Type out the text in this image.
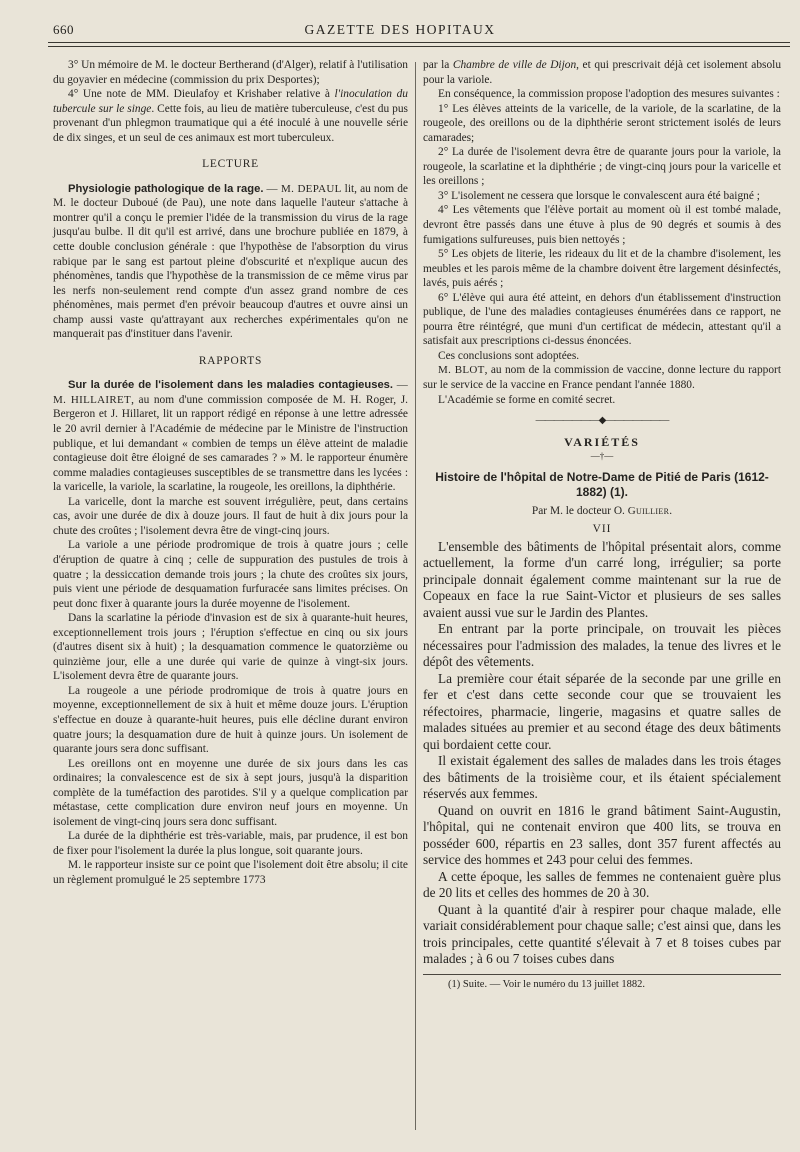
660	GAZETTE DES HOPITAUX

3° Un mémoire de M. le docteur Bertherand (d'Alger), relatif à l'utilisation du goyavier en médecine (commission du prix Desportes);

4° Une note de MM. Dieulafoy et Krishaber relative à l'inoculation du tubercule sur le singe. Cette fois, au lieu de matière tuberculeuse, c'est du pus provenant d'un phlegmon traumatique qui a été inoculé à une nouvelle série de dix singes, et un seul de ces animaux est mort tuberculeux.

LECTURE

Physiologie pathologique de la rage. — M. DEPAUL lit, au nom de M. le docteur Duboué (de Pau), une note dans laquelle l'auteur s'attache à montrer qu'il a conçu le premier l'idée de la transmission du virus de la rage jusqu'au bulbe. Il dit qu'il est arrivé, dans une brochure publiée en 1879, à cette double conclusion générale : que l'hypothèse de l'absorption du virus rabique par le sang est partout pleine d'obscurité et n'explique aucun des phénomènes, tandis que l'hypothèse de la transmission de ce même virus par les nerfs non-seulement rend compte d'un assez grand nombre de ces phénomènes, mais permet d'en prévoir beaucoup d'autres et ouvre ainsi un champ aussi vaste qu'attrayant aux recherches expérimentales qu'on ne manquerait pas d'instituer dans l'avenir.

RAPPORTS

Sur la durée de l'isolement dans les maladies contagieuses. — M. HILLAIRET, au nom d'une commission composée de M. H. Roger, J. Bergeron et J. Hillaret, lit un rapport rédigé en réponse à une lettre adressée le 20 avril dernier à l'Académie de médecine par le Ministre de l'instruction publique, et lui demandant « combien de temps un élève atteint de maladie contagieuse doit être éloigné de ses camarades ? » M. le rapporteur énumère comme maladies contagieuses susceptibles de se transmettre dans les lycées : la varicelle, la variole, la scarlatine, la rougeole, les oreillons, la diphthérie.

La varicelle, dont la marche est souvent irrégulière, peut, dans certains cas, avoir une durée de dix à douze jours. Il faut de huit à dix jours pour la chute des croûtes ; l'isolement devra être de vingt-cinq jours.

La variole a une période prodromique de trois à quatre jours ; celle d'éruption de quatre à cinq ; celle de suppuration des pustules de trois à quatre ; la dessiccation demande trois jours ; la chute des croûtes six jours, puis vient une période de desquamation furfuracée sans limites précises. On peut donc fixer à quarante jours la durée moyenne de l'isolement.

Dans la scarlatine la période d'invasion est de six à quarante-huit heures, exceptionnellement trois jours ; l'éruption s'effectue en cinq ou six jours (d'autres disent six à huit) ; la desquamation commence le quatorzième ou quinzième jour, elle a une durée qui varie de quinze à vingt-six jours. L'isolement devra être de quarante jours.

La rougeole a une période prodromique de trois à quatre jours en moyenne, exceptionnellement de six à huit et même douze jours. L'éruption s'effectue en douze à quarante-huit heures, puis elle décline durant environ quatre jours; la desquamation dure de huit à quinze jours. Un isolement de quarante jours sera donc suffisant.

Les oreillons ont en moyenne une durée de six jours dans les cas ordinaires; la convalescence est de six à sept jours, jusqu'à la disparition complète de la tuméfaction des parotides. S'il y a quelque complication par métastase, cette complication dure environ neuf jours en moyenne. Un isolement de vingt-cinq jours sera donc suffisant.

La durée de la diphthérie est très-variable, mais, par prudence, il est bon de fixer pour l'isolement la durée la plus longue, soit quarante jours.

M. le rapporteur insiste sur ce point que l'isolement doit être absolu; il cite un règlement promulgué le 25 septembre 1773

par la Chambre de ville de Dijon, et qui prescrivait déjà cet isolement absolu pour la variole.

En conséquence, la commission propose l'adoption des mesures suivantes :

1° Les élèves atteints de la varicelle, de la variole, de la scarlatine, de la rougeole, des oreillons ou de la diphthérie seront strictement isolés de leurs camarades;

2° La durée de l'isolement devra être de quarante jours pour la variole, la rougeole, la scarlatine et la diphthérie ; de vingt-cinq jours pour la varicelle et les oreillons ;

3° L'isolement ne cessera que lorsque le convalescent aura été baigné ;

4° Les vêtements que l'élève portait au moment où il est tombé malade, devront être passés dans une étuve à plus de 90 degrés et soumis à des fumigations sulfureuses, puis bien nettoyés ;

5° Les objets de literie, les rideaux du lit et de la chambre d'isolement, les meubles et les parois même de la chambre doivent être largement désinfectés, lavés, puis aérés ;

6° L'élève qui aura été atteint, en dehors d'un établissement d'instruction publique, de l'une des maladies contagieuses énumérées dans ce rapport, ne pourra être réintégré, que muni d'un certificat de médecin, attestant qu'il a satisfait aux prescriptions ci-dessus énoncées.

Ces conclusions sont adoptées.

M. BLOT, au nom de la commission de vaccine, donne lecture du rapport sur le service de la vaccine en France pendant l'année 1880.

L'Académie se forme en comité secret.

———————◆———————
VARIÉTÉS
—†—
Histoire de l'hôpital de Notre-Dame de Pitié de Paris (1612-1882) (1).
Par M. le docteur O. Guillier.
VII

L'ensemble des bâtiments de l'hôpital présentait alors, comme actuellement, la forme d'un carré long, irrégulier; sa porte principale donnait également comme maintenant sur la rue de Copeaux en face la rue Saint-Victor et plusieurs de ses salles avaient aussi vue sur le Jardin des Plantes.

En entrant par la porte principale, on trouvait les pièces nécessaires pour l'admission des malades, la tenue des livres et le dépôt des vêtements.

La première cour était séparée de la seconde par une grille en fer et c'est dans cette seconde cour que se trouvaient les réfectoires, pharmacie, lingerie, magasins et quatre salles de malades situées au premier et au second étage des deux bâtiments qui bordaient cette cour.

Il existait également des salles de malades dans les trois étages des bâtiments de la troisième cour, et ils étaient spécialement réservés aux femmes.

Quand on ouvrit en 1816 le grand bâtiment Saint-Augustin, l'hôpital, qui ne contenait environ que 400 lits, se trouva en posséder 600, répartis en 23 salles, dont 357 furent affectés au service des hommes et 243 pour celui des femmes.

A cette époque, les salles de femmes ne contenaient guère plus de 20 lits et celles des hommes de 20 à 30.

Quant à la quantité d'air à respirer pour chaque malade, elle variait considérablement pour chaque salle; c'est ainsi que, dans les trois principales, cette quantité s'élevait à 7 et 8 toises cubes par malades ; à 6 ou 7 toises cubes dans

(1) Suite. — Voir le numéro du 13 juillet 1882.
